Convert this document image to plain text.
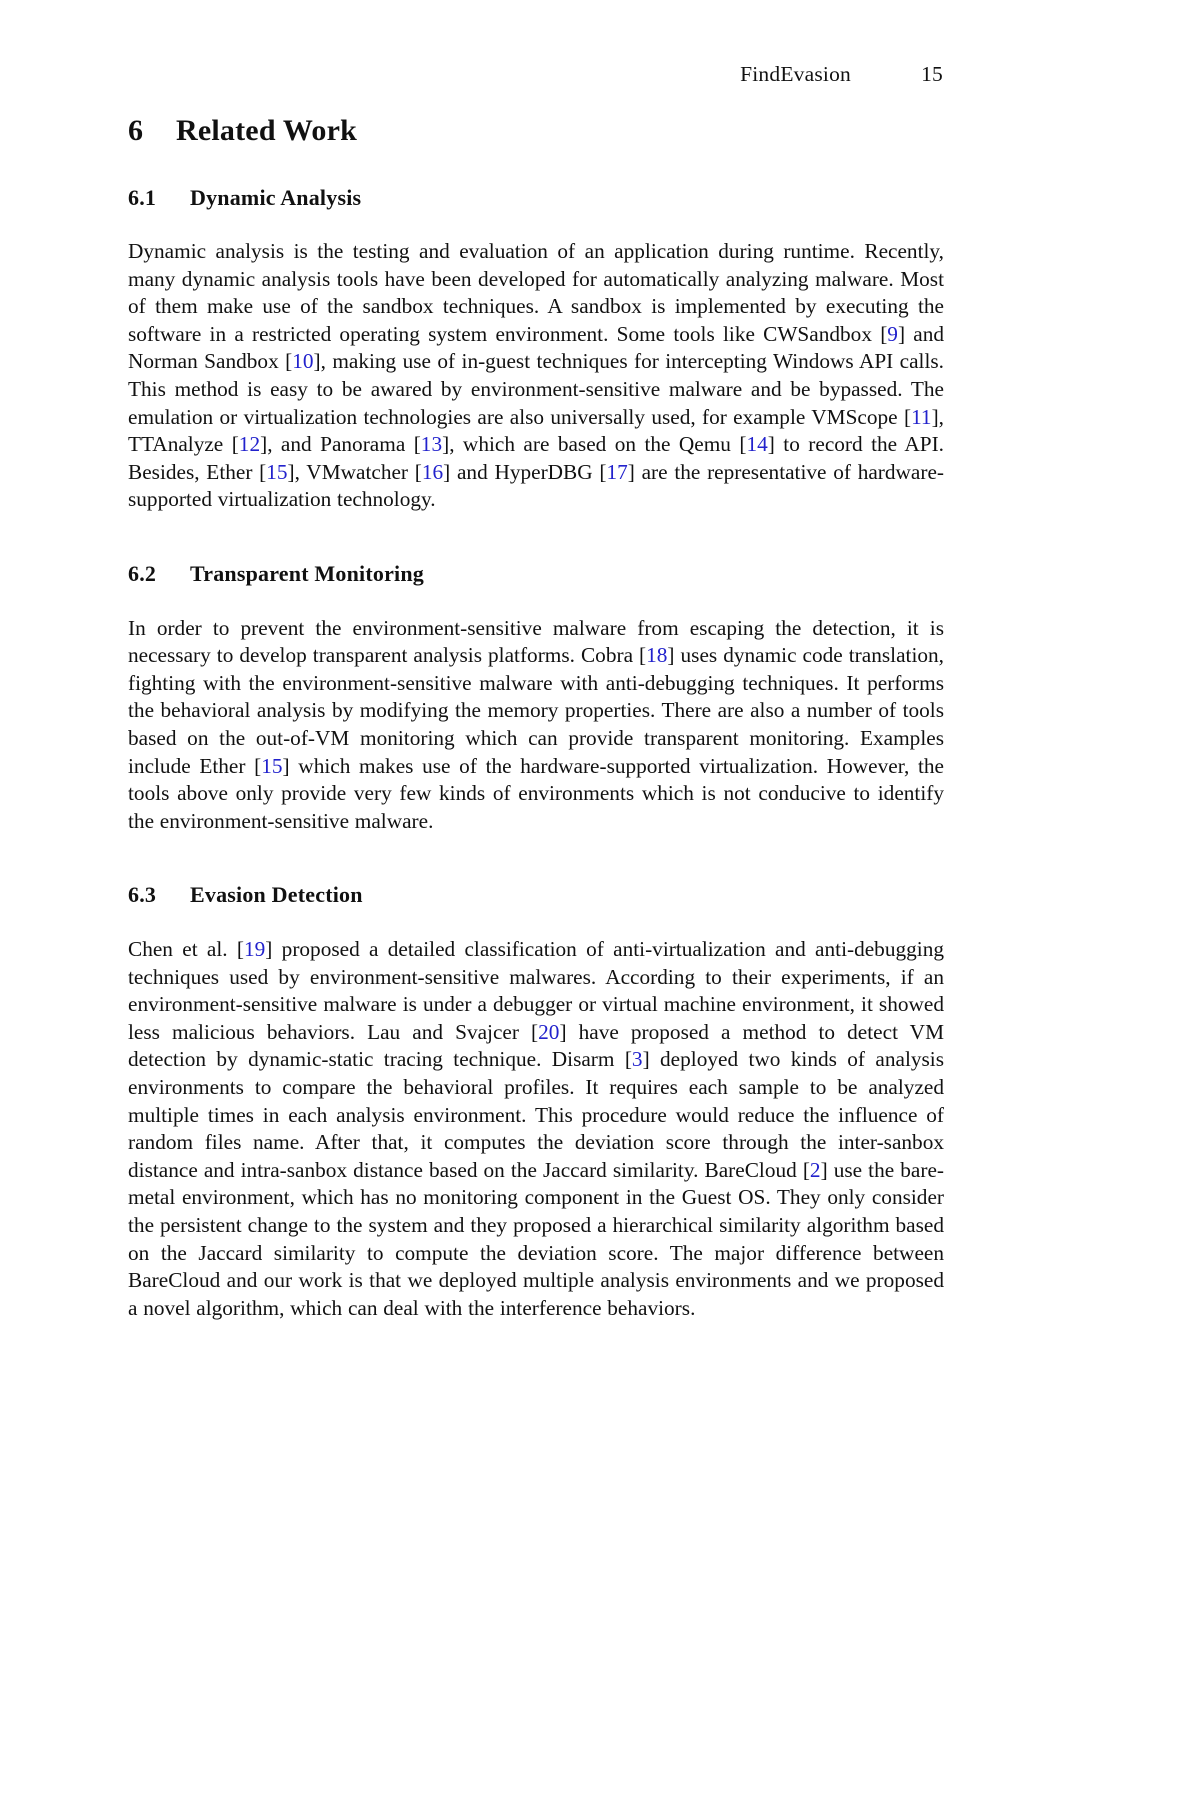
FindEvasion	15
6 Related Work
6.1 Dynamic Analysis

Dynamic analysis is the testing and evaluation of an application during runtime. Recently, many dynamic analysis tools have been developed for automatically analyzing malware. Most of them make use of the sandbox techniques. A sandbox is implemented by executing the software in a restricted operating system environment. Some tools like CWSandbox [9] and Norman Sandbox [10], making use of in-guest techniques for intercepting Windows API calls. This method is easy to be awared by environment-sensitive malware and be bypassed. The emulation or virtualization technologies are also universally used, for example VMScope [11], TTAnalyze [12], and Panorama [13], which are based on the Qemu [14] to record the API. Besides, Ether [15], VMwatcher [16] and HyperDBG [17] are the representative of hardware-supported virtualization technology.

6.2 Transparent Monitoring

In order to prevent the environment-sensitive malware from escaping the detection, it is necessary to develop transparent analysis platforms. Cobra [18] uses dynamic code translation, fighting with the environment-sensitive malware with anti-debugging techniques. It performs the behavioral analysis by modifying the memory properties. There are also a number of tools based on the out-of-VM monitoring which can provide transparent monitoring. Examples include Ether [15] which makes use of the hardware-supported virtualization. However, the tools above only provide very few kinds of environments which is not conducive to identify the environment-sensitive malware.

6.3 Evasion Detection

Chen et al. [19] proposed a detailed classification of anti-virtualization and anti-debugging techniques used by environment-sensitive malwares. According to their experiments, if an environment-sensitive malware is under a debugger or virtual machine environment, it showed less malicious behaviors. Lau and Svajcer [20] have proposed a method to detect VM detection by dynamic-static tracing technique. Disarm [3] deployed two kinds of analysis environments to compare the behavioral profiles. It requires each sample to be analyzed multiple times in each analysis environment. This procedure would reduce the influence of random files name. After that, it computes the deviation score through the inter-sanbox distance and intra-sanbox distance based on the Jaccard similarity. BareCloud [2] use the bare-metal environment, which has no monitoring component in the Guest OS. They only consider the persistent change to the system and they proposed a hierarchical similarity algorithm based on the Jaccard similarity to compute the deviation score. The major difference between BareCloud and our work is that we deployed multiple analysis environments and we proposed a novel algorithm, which can deal with the interference behaviors.
